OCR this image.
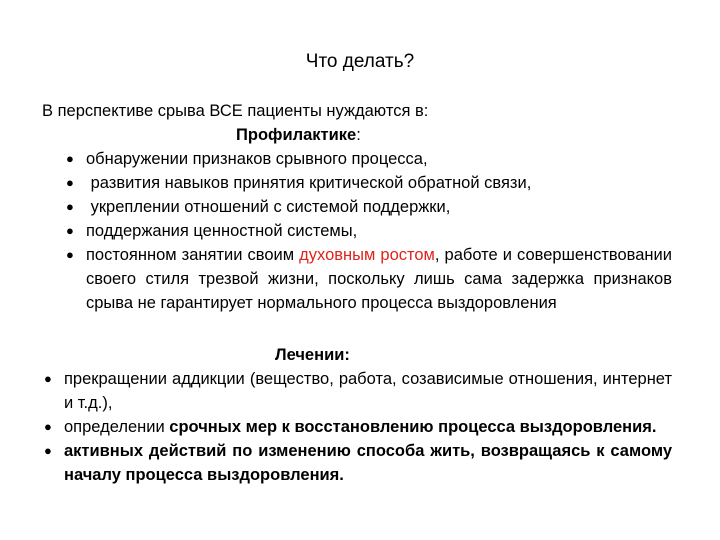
Что делать?
В перспективе срыва ВСЕ пациенты нуждаются в:
Профилактике:
● обнаружении признаков срывного процесса,
● развития навыков принятия критической обратной связи,
● укреплении отношений с системой поддержки,
● поддержания ценностной системы,
● постоянном занятии своим духовным ростом, работе и совершенствовании своего стиля трезвой жизни, поскольку лишь сама задержка признаков срыва не гарантирует нормального процесса выздоровления
Лечении:
● прекращении аддикции (вещество, работа, созависимые отношения, интернет и т.д.),
● определении срочных мер к восстановлению процесса выздоровления.
● активных действий по изменению способа жить, возвращаясь к самому началу процесса выздоровления.
